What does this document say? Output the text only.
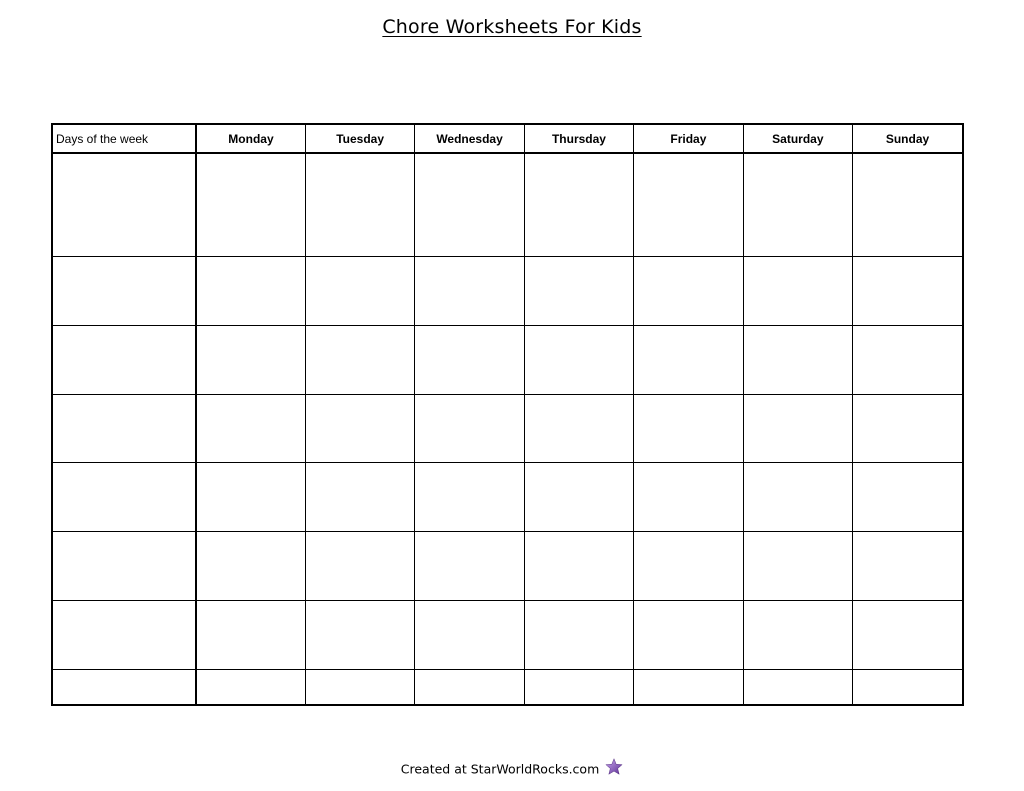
Chore Worksheets For Kids
Days of the week	Monday	Tuesday	Wednesday	Thursday	Friday	Saturday	Sunday

Created at StarWorldRocks.com
